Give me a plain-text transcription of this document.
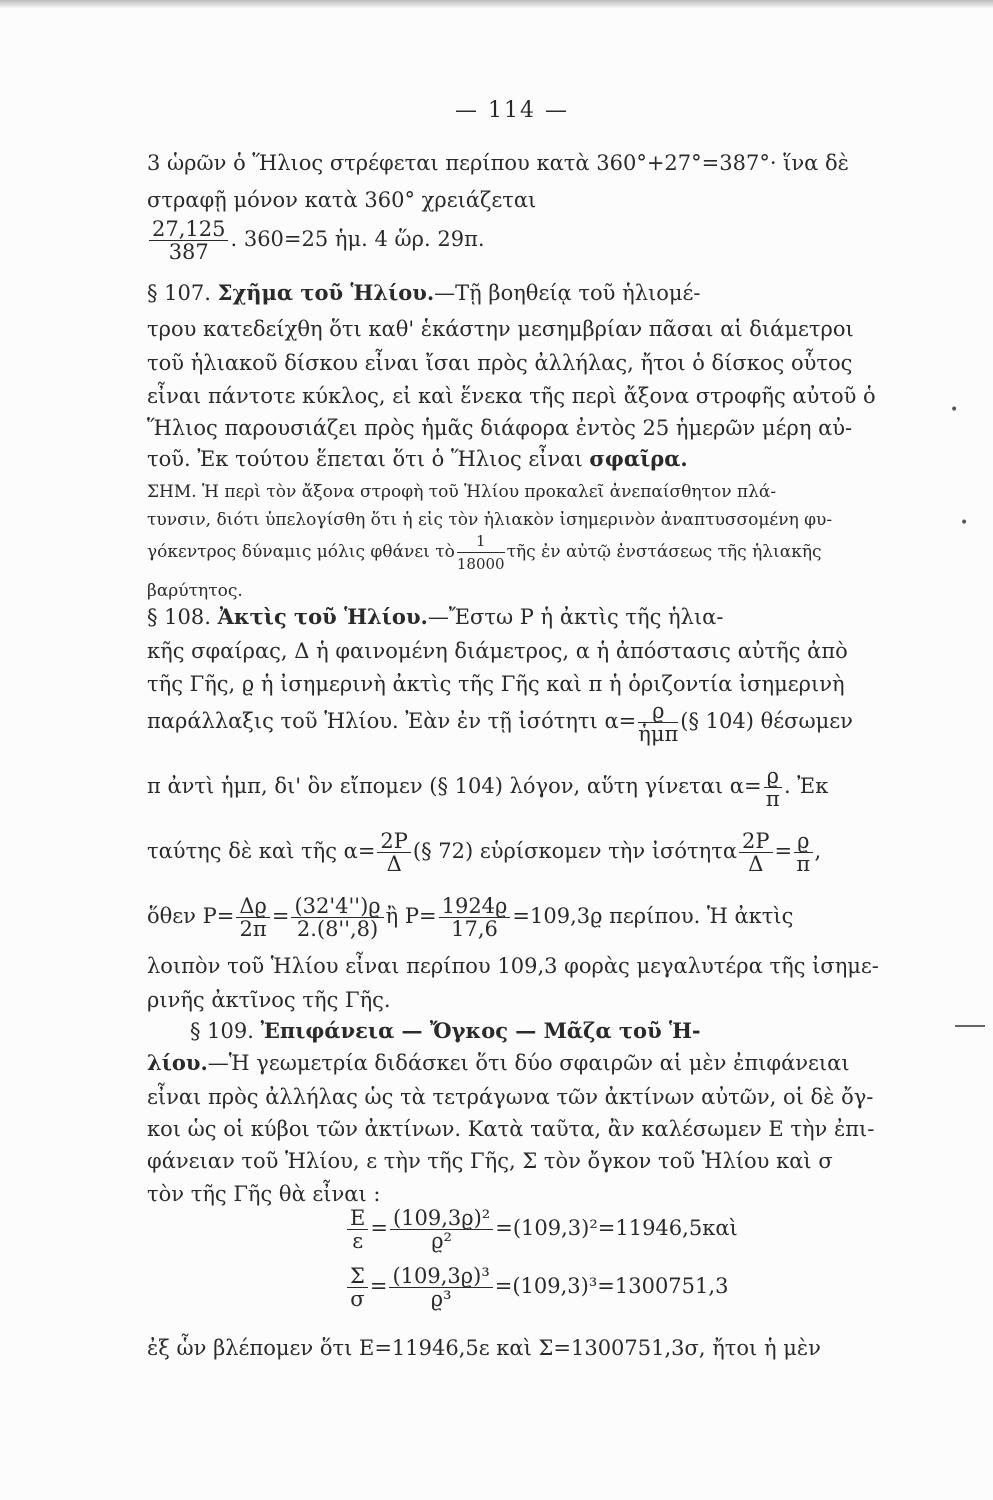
— 114 —
3 ὡρῶν ὁ Ἥλιος στρέφεται περίπου κατὰ 360°+27°=387°· ἵνα δὲ
στραφῇ μόνον κατὰ 360° χρειάζεται
$\frac{27,125}{387}$ . 360=25 ἡμ. 4 ὥρ. 29π.
§ 107. Σχῆμα τοῦ Ἡλίου.—Τῇ βοηθείᾳ τοῦ ἡλιομέ-
τρου κατεδείχθη ὅτι καθ' ἑκάστην μεσημβρίαν πᾶσαι αἱ διάμετροι
τοῦ ἡλιακοῦ δίσκου εἶναι ἴσαι πρὸς ἀλλήλας, ἤτοι ὁ δίσκος οὗτος
εἶναι πάντοτε κύκλος, εἰ καὶ ἕνεκα τῆς περὶ ἄξονα στροφῆς αὐτοῦ ὁ
Ἥλιος παρουσιάζει πρὸς ἡμᾶς διάφορα ἐντὸς 25 ἡμερῶν μέρη αὐ-
τοῦ. Ἐκ τούτου ἕπεται ὅτι ὁ Ἥλιος εἶναι σφαῖρα.
ΣΗΜ. Ἡ περὶ τὸν ἄξονα στροφὴ τοῦ Ἡλίου προκαλεῖ ἀνεπαίσθητον πλά-
τυνσιν, διότι ὑπελογίσθη ὅτι ἡ εἰς τὸν ἡλιακὸν ἰσημερινὸν ἀναπτυσσομένη φυ-
γόκεντρος δύναμις μόλις φθάνει τὸ $\frac{1}{18000}$ τῆς ἐν αὐτῷ ἐνστάσεως τῆς ἡλιακῆς
βαρύτητος.
§ 108. Ἀκτὶς τοῦ Ἡλίου.—Ἔστω Ρ ἡ ἀκτὶς τῆς ἡλια-
κῆς σφαίρας, Δ ἡ φαινομένη διάμετρος, α ἡ ἀπόστασις αὐτῆς ἀπὸ
τῆς Γῆς, ϱ ἡ ἰσημερινὴ ἀκτὶς τῆς Γῆς καὶ π ἡ ὁριζοντία ἰσημερινὴ
παράλλαξις τοῦ Ἡλίου. Ἐὰν ἐν τῇ ἰσότητι $\alpha= \frac{ϱ}{\text{ἡμπ}}$ (§ 104) θέσωμεν
π ἀντὶ ἡμπ, δι' ὃν εἴπομεν (§ 104) λόγον, αὕτη γίνεται $\alpha= \frac{ϱ}{\pi}$ . Ἐκ
ταύτης δὲ καὶ τῆς $\alpha= \frac{2P}{\Delta}$ (§ 72) εὑρίσκομεν τὴν ἰσότητα $\frac{2P}{\Delta} = \frac{ϱ}{\pi}$ ,
ὅθεν $P= \frac{\Delta ϱ}{2\pi} = \frac{(32'4'')ϱ}{2.(8'',8)}$ ἢ $P= \frac{1924ϱ}{17,6} =109,3ϱ$ περίπου. Ἡ ἀκτὶς
λοιπὸν τοῦ Ἡλίου εἶναι περίπου 109,3 φορὰς μεγαλυτέρα τῆς ἰσημε-
ρινῆς ἀκτῖνος τῆς Γῆς.
§ 109. Ἐπιφάνεια — Ὄγκος — Μᾶζα τοῦ Ἡ-
λίου.—Ἡ γεωμετρία διδάσκει ὅτι δύο σφαιρῶν αἱ μὲν ἐπιφάνειαι
εἶναι πρὸς ἀλλήλας ὡς τὰ τετράγωνα τῶν ἀκτίνων αὐτῶν, οἱ δὲ ὄγ-
κοι ὡς οἱ κύβοι τῶν ἀκτίνων. Κατὰ ταῦτα, ἂν καλέσωμεν Ε τὴν ἐπι-
φάνειαν τοῦ Ἡλίου, ε τὴν τῆς Γῆς, Σ τὸν ὄγκον τοῦ Ἡλίου καὶ σ
τὸν τῆς Γῆς θὰ εἶναι :
$\frac{E}{\varepsilon} = \frac{\text{(109,3ϱ)²}}{\text{ϱ²}}$ =(109,3)²=11946,5καὶ
$\frac{\Sigma}{\sigma} = \frac{\text{(109,3ϱ)³}}{\text{ϱ³}} =(109,3)^3=1300751,3$
ἐξ ὧν βλέπομεν ὅτι Ε=11946,5ε καὶ Σ=1300751,3σ, ἤτοι ἡ μὲν
•
•
